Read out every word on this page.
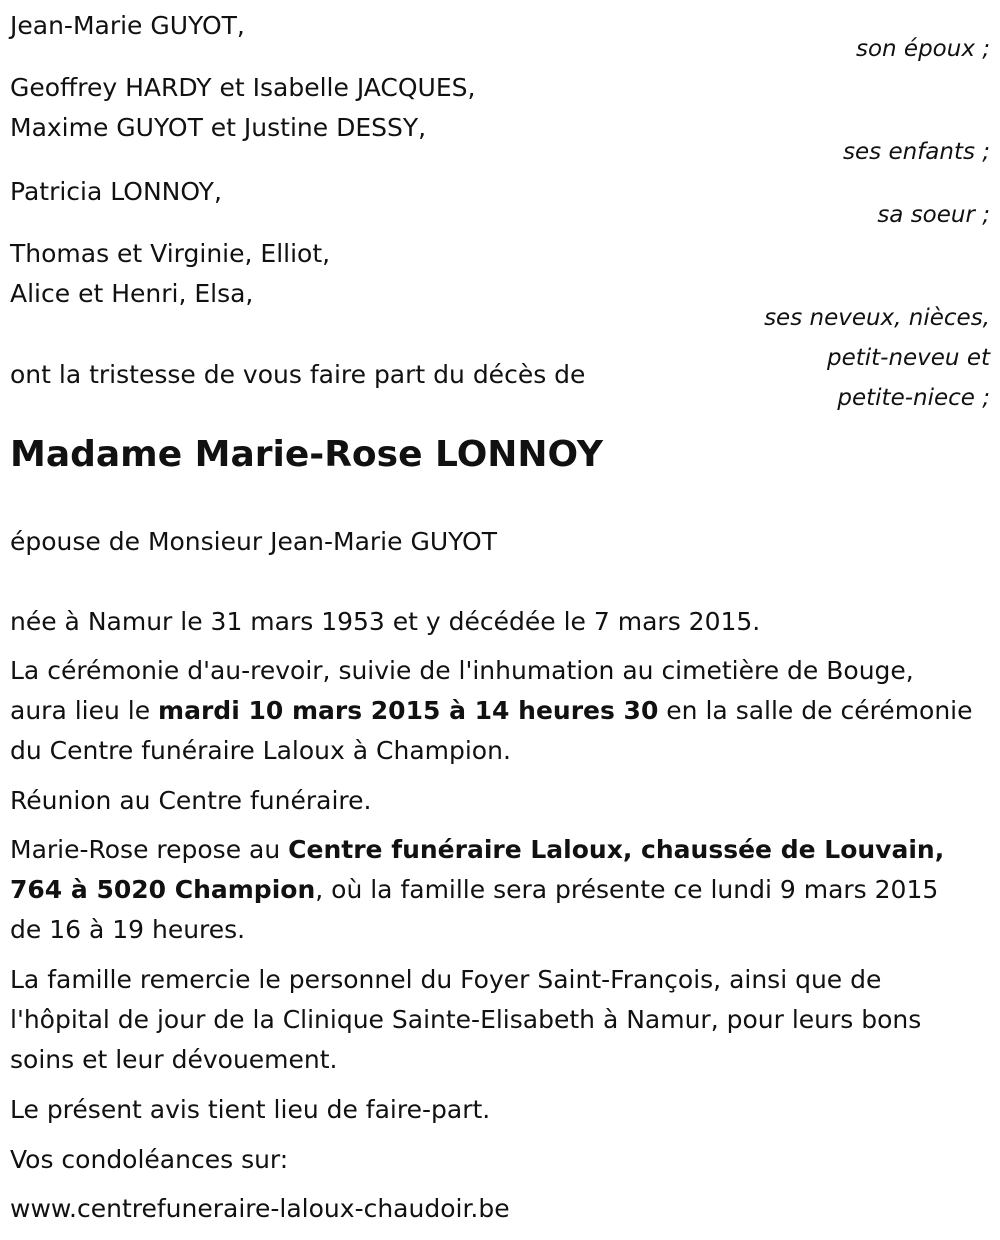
Jean-Marie GUYOT,
son époux ;
Geoffrey HARDY et Isabelle JACQUES,
Maxime GUYOT et Justine DESSY,
ses enfants ;
Patricia LONNOY,
sa soeur ;
Thomas et Virginie, Elliot,
Alice et Henri, Elsa,
ses neveux, nièces,
petit-neveu et
petite-niece ;
ont la tristesse de vous faire part du décès de
Madame Marie-Rose LONNOY
épouse de Monsieur Jean-Marie GUYOT
née à Namur le 31 mars 1953 et y décédée le 7 mars 2015.
La cérémonie d'au-revoir, suivie de l'inhumation au cimetière de Bouge,
aura lieu le mardi 10 mars 2015 à 14 heures 30 en la salle de cérémonie
du Centre funéraire Laloux à Champion.
Réunion au Centre funéraire.
Marie-Rose repose au Centre funéraire Laloux, chaussée de Louvain,
764 à 5020 Champion, où la famille sera présente ce lundi 9 mars 2015
de 16 à 19 heures.
La famille remercie le personnel du Foyer Saint-François, ainsi que de
l'hôpital de jour de la Clinique Sainte-Elisabeth à Namur, pour leurs bons
soins et leur dévouement.
Le présent avis tient lieu de faire-part.
Vos condoléances sur:
www.centrefuneraire-laloux-chaudoir.be
